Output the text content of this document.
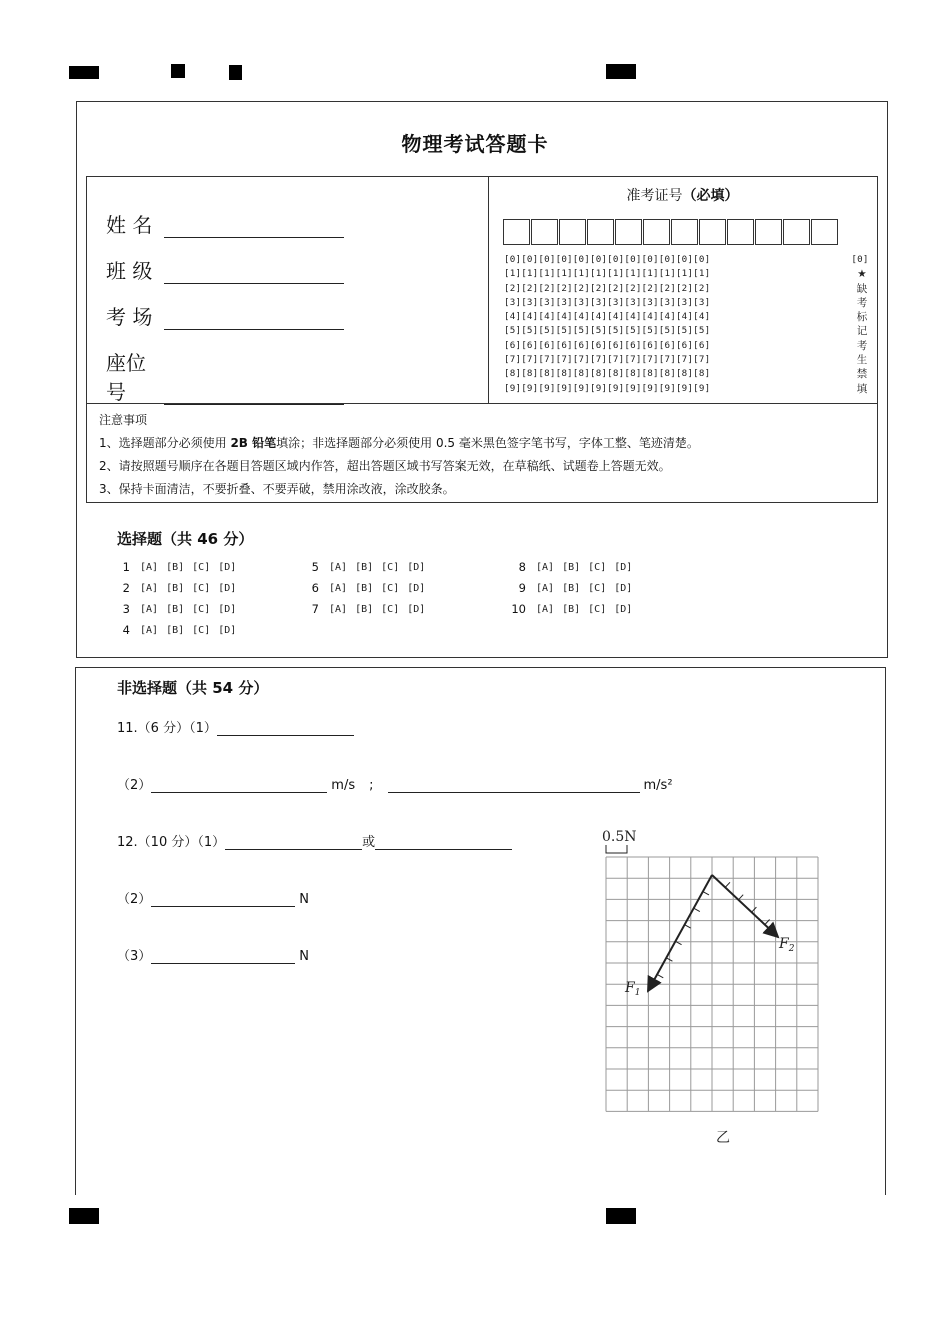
物理考试答题卡
姓 名
班 级
考 场
座位号
准考证号（必填）
[0][0][0][0][0][0][0][0][0][0][0][0]
[1][1][1][1][1][1][1][1][1][1][1][1]
[2][2][2][2][2][2][2][2][2][2][2][2]
[3][3][3][3][3][3][3][3][3][3][3][3]
[4][4][4][4][4][4][4][4][4][4][4][4]
[5][5][5][5][5][5][5][5][5][5][5][5]
[6][6][6][6][6][6][6][6][6][6][6][6]
[7][7][7][7][7][7][7][7][7][7][7][7]
[8][8][8][8][8][8][8][8][8][8][8][8]
[9][9][9][9][9][9][9][9][9][9][9][9]
[0]
★
缺
考
标
记
考
生
禁
填
注意事项
1、选择题部分必须使用 2B 铅笔填涂；非选择题部分必须使用 0.5 毫米黑色签字笔书写，字体工整、笔迹清楚。
2、请按照题号顺序在各题目答题区域内作答，超出答题区域书写答案无效，在草稿纸、试题卷上答题无效。
3、保持卡面清洁，不要折叠、不要弄破，禁用涂改液，涂改胶条。
选择题（共 46 分）
1 [A] [B] [C] [D]
2 [A] [B] [C] [D]
3 [A] [B] [C] [D]
4 [A] [B] [C] [D]
5 [A] [B] [C] [D]
6 [A] [B] [C] [D]
7 [A] [B] [C] [D]
8 [A] [B] [C] [D]
9 [A] [B] [C] [D]
10 [A] [B] [C] [D]
非选择题（共 54 分）
11.（6 分）（1）
（2）	m/s ;	m/s²
12.（10 分）（1）	或
（2）	N
（3）	N
0.5N
$F_1$
$F_2$
乙
